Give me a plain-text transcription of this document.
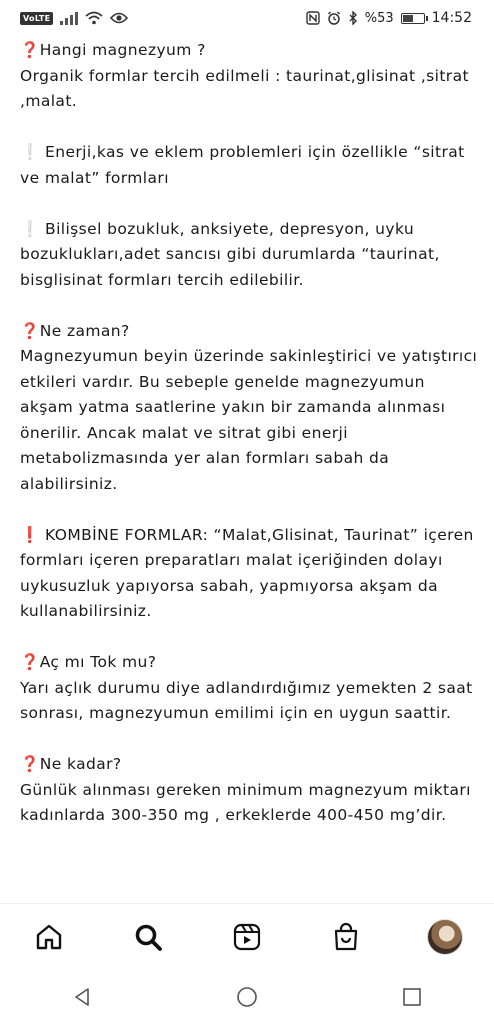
VoLTE	%53	14:52

❓Hangi magnezyum ?
Organik formlar tercih edilmeli : taurinat,glisinat ,sitrat ,malat.

❕ Enerji,kas ve eklem problemleri için özellikle “sitrat ve malat” formları

❕ Bilişsel bozukluk, anksiyete, depresyon, uyku bozuklukları,adet sancısı gibi durumlarda “taurinat, bisglisinat formları tercih edilebilir.

❓Ne zaman?
Magnezyumun beyin üzerinde sakinleştirici ve yatıştırıcı etkileri vardır. Bu sebeple genelde magnezyumun akşam yatma saatlerine yakın bir zamanda alınması önerilir. Ancak malat ve sitrat gibi enerji metabolizmasında yer alan formları sabah da alabilirsiniz.

❗ KOMBİNE FORMLAR: “Malat,Glisinat, Taurinat” içeren formları içeren preparatları malat içeriğinden dolayı uykusuzluk yapıyorsa sabah, yapmıyorsa akşam da kullanabilirsiniz.

❓Aç mı Tok mu?
Yarı açlık durumu diye adlandırdığımız yemekten 2 saat sonrası, magnezyumun emilimi için en uygun saattir.

❓Ne kadar?
Günlük alınması gereken minimum magnezyum miktarı kadınlarda 300-350 mg , erkeklerde 400-450 mg’dir.
